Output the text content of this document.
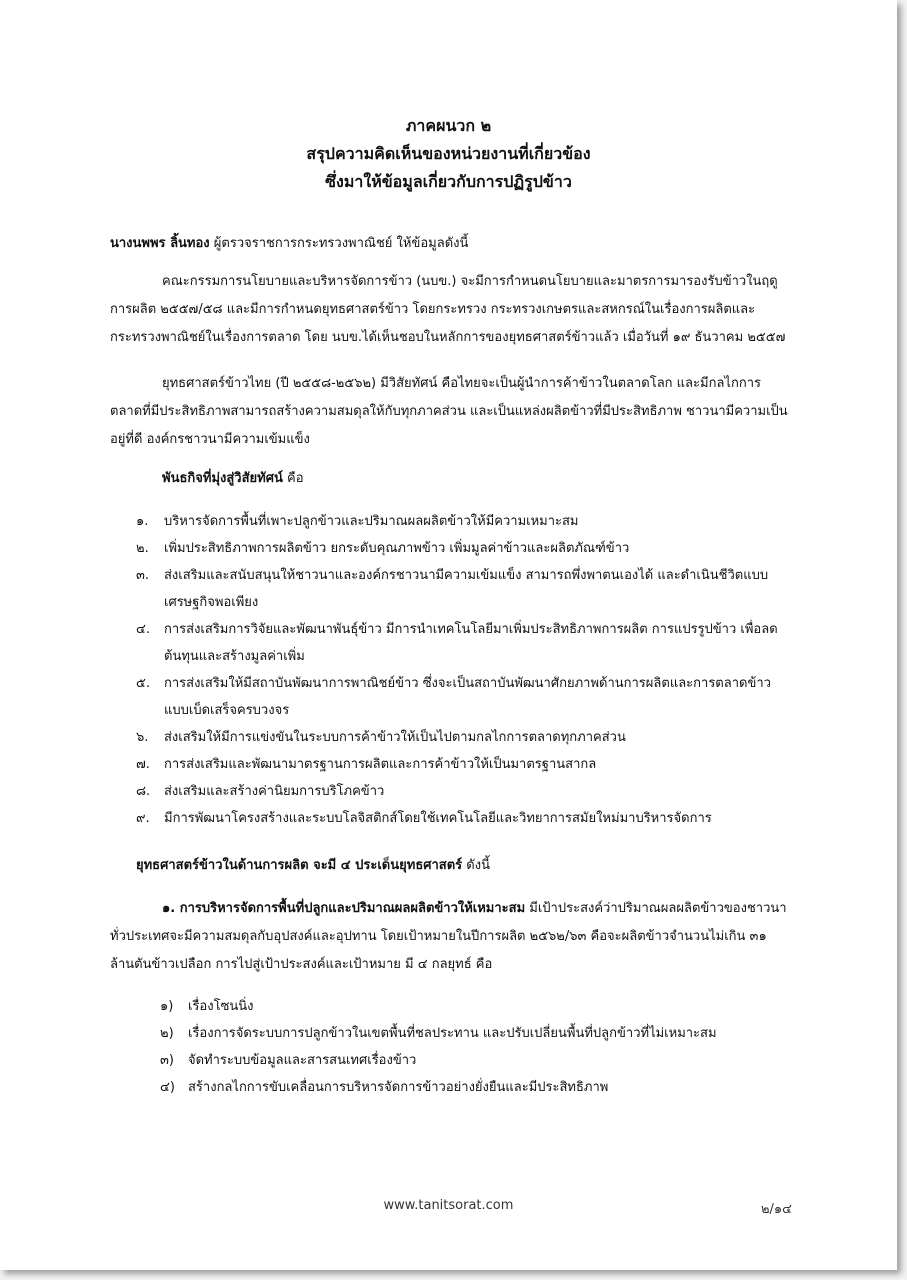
ภาคผนวก ๒
สรุปความคิดเห็นของหน่วยงานที่เกี่ยวข้อง
ซึ่งมาให้ข้อมูลเกี่ยวกับการปฏิรูปข้าว
นางนพพร ลิ้นทอง ผู้ตรวจราชการกระทรวงพาณิชย์ ให้ข้อมูลดังนี้
คณะกรรมการนโยบายและบริหารจัดการข้าว (นบข.) จะมีการกำหนดนโยบายและมาตรการมารองรับข้าวในฤดูการผลิต ๒๕๕๗/๕๘ และมีการกำหนดยุทธศาสตร์ข้าว โดยกระทรวง กระทรวงเกษตรและสหกรณ์ในเรื่องการผลิตและกระทรวงพาณิชย์ในเรื่องการตลาด โดย นบข.ได้เห็นชอบในหลักการของยุทธศาสตร์ข้าวแล้ว เมื่อวันที่ ๑๙ ธันวาคม ๒๕๕๗
ยุทธศาสตร์ข้าวไทย (ปี ๒๕๕๘-๒๕๖๒) มีวิสัยทัศน์ คือไทยจะเป็นผู้นำการค้าข้าวในตลาดโลก และมีกลไกการตลาดที่มีประสิทธิภาพสามารถสร้างความสมดุลให้กับทุกภาคส่วน และเป็นแหล่งผลิตข้าวที่มีประสิทธิภาพ ชาวนามีความเป็นอยู่ที่ดี องค์กรชาวนามีความเข้มแข็ง
พันธกิจที่มุ่งสู่วิสัยทัศน์ คือ
๑.	บริหารจัดการพื้นที่เพาะปลูกข้าวและปริมาณผลผลิตข้าวให้มีความเหมาะสม
๒.	เพิ่มประสิทธิภาพการผลิตข้าว ยกระดับคุณภาพข้าว เพิ่มมูลค่าข้าวและผลิตภัณฑ์ข้าว
๓.	ส่งเสริมและสนับสนุนให้ชาวนาและองค์กรชาวนามีความเข้มแข็ง สามารถพึ่งพาตนเองได้ และดำเนินชีวิตแบบเศรษฐกิจพอเพียง
๔.	การส่งเสริมการวิจัยและพัฒนาพันธุ์ข้าว มีการนำเทคโนโลยีมาเพิ่มประสิทธิภาพการผลิต การแปรรูปข้าว เพื่อลดต้นทุนและสร้างมูลค่าเพิ่ม
๕.	การส่งเสริมให้มีสถาบันพัฒนาการพาณิชย์ข้าว ซึ่งจะเป็นสถาบันพัฒนาศักยภาพด้านการผลิตและการตลาดข้าวแบบเบ็ดเสร็จครบวงจร
๖.	ส่งเสริมให้มีการแข่งขันในระบบการค้าข้าวให้เป็นไปตามกลไกการตลาดทุกภาคส่วน
๗.	การส่งเสริมและพัฒนามาตรฐานการผลิตและการค้าข้าวให้เป็นมาตรฐานสากล
๘.	ส่งเสริมและสร้างค่านิยมการบริโภคข้าว
๙.	มีการพัฒนาโครงสร้างและระบบโลจิสติกส์โดยใช้เทคโนโลยีและวิทยาการสมัยใหม่มาบริหารจัดการ
ยุทธศาสตร์ข้าวในด้านการผลิต จะมี ๔ ประเด็นยุทธศาสตร์ ดังนี้
๑. การบริหารจัดการพื้นที่ปลูกและปริมาณผลผลิตข้าวให้เหมาะสม มีเป้าประสงค์ว่าปริมาณผลผลิตข้าวของชาวนาทั่วประเทศจะมีความสมดุลกับอุปสงค์และอุปทาน โดยเป้าหมายในปีการผลิต ๒๕๖๒/๖๓ คือจะผลิตข้าวจำนวนไม่เกิน ๓๑ ล้านตันข้าวเปลือก การไปสู่เป้าประสงค์และเป้าหมาย มี ๔ กลยุทธ์ คือ
๑)	เรื่องโซนนิ่ง
๒)	เรื่องการจัดระบบการปลูกข้าวในเขตพื้นที่ชลประทาน และปรับเปลี่ยนพื้นที่ปลูกข้าวที่ไม่เหมาะสม
๓)	จัดทำระบบข้อมูลและสารสนเทศเรื่องข้าว
๔)	สร้างกลไกการขับเคลื่อนการบริหารจัดการข้าวอย่างยั่งยืนและมีประสิทธิภาพ
www.tanitsorat.com	๒/๑๔
